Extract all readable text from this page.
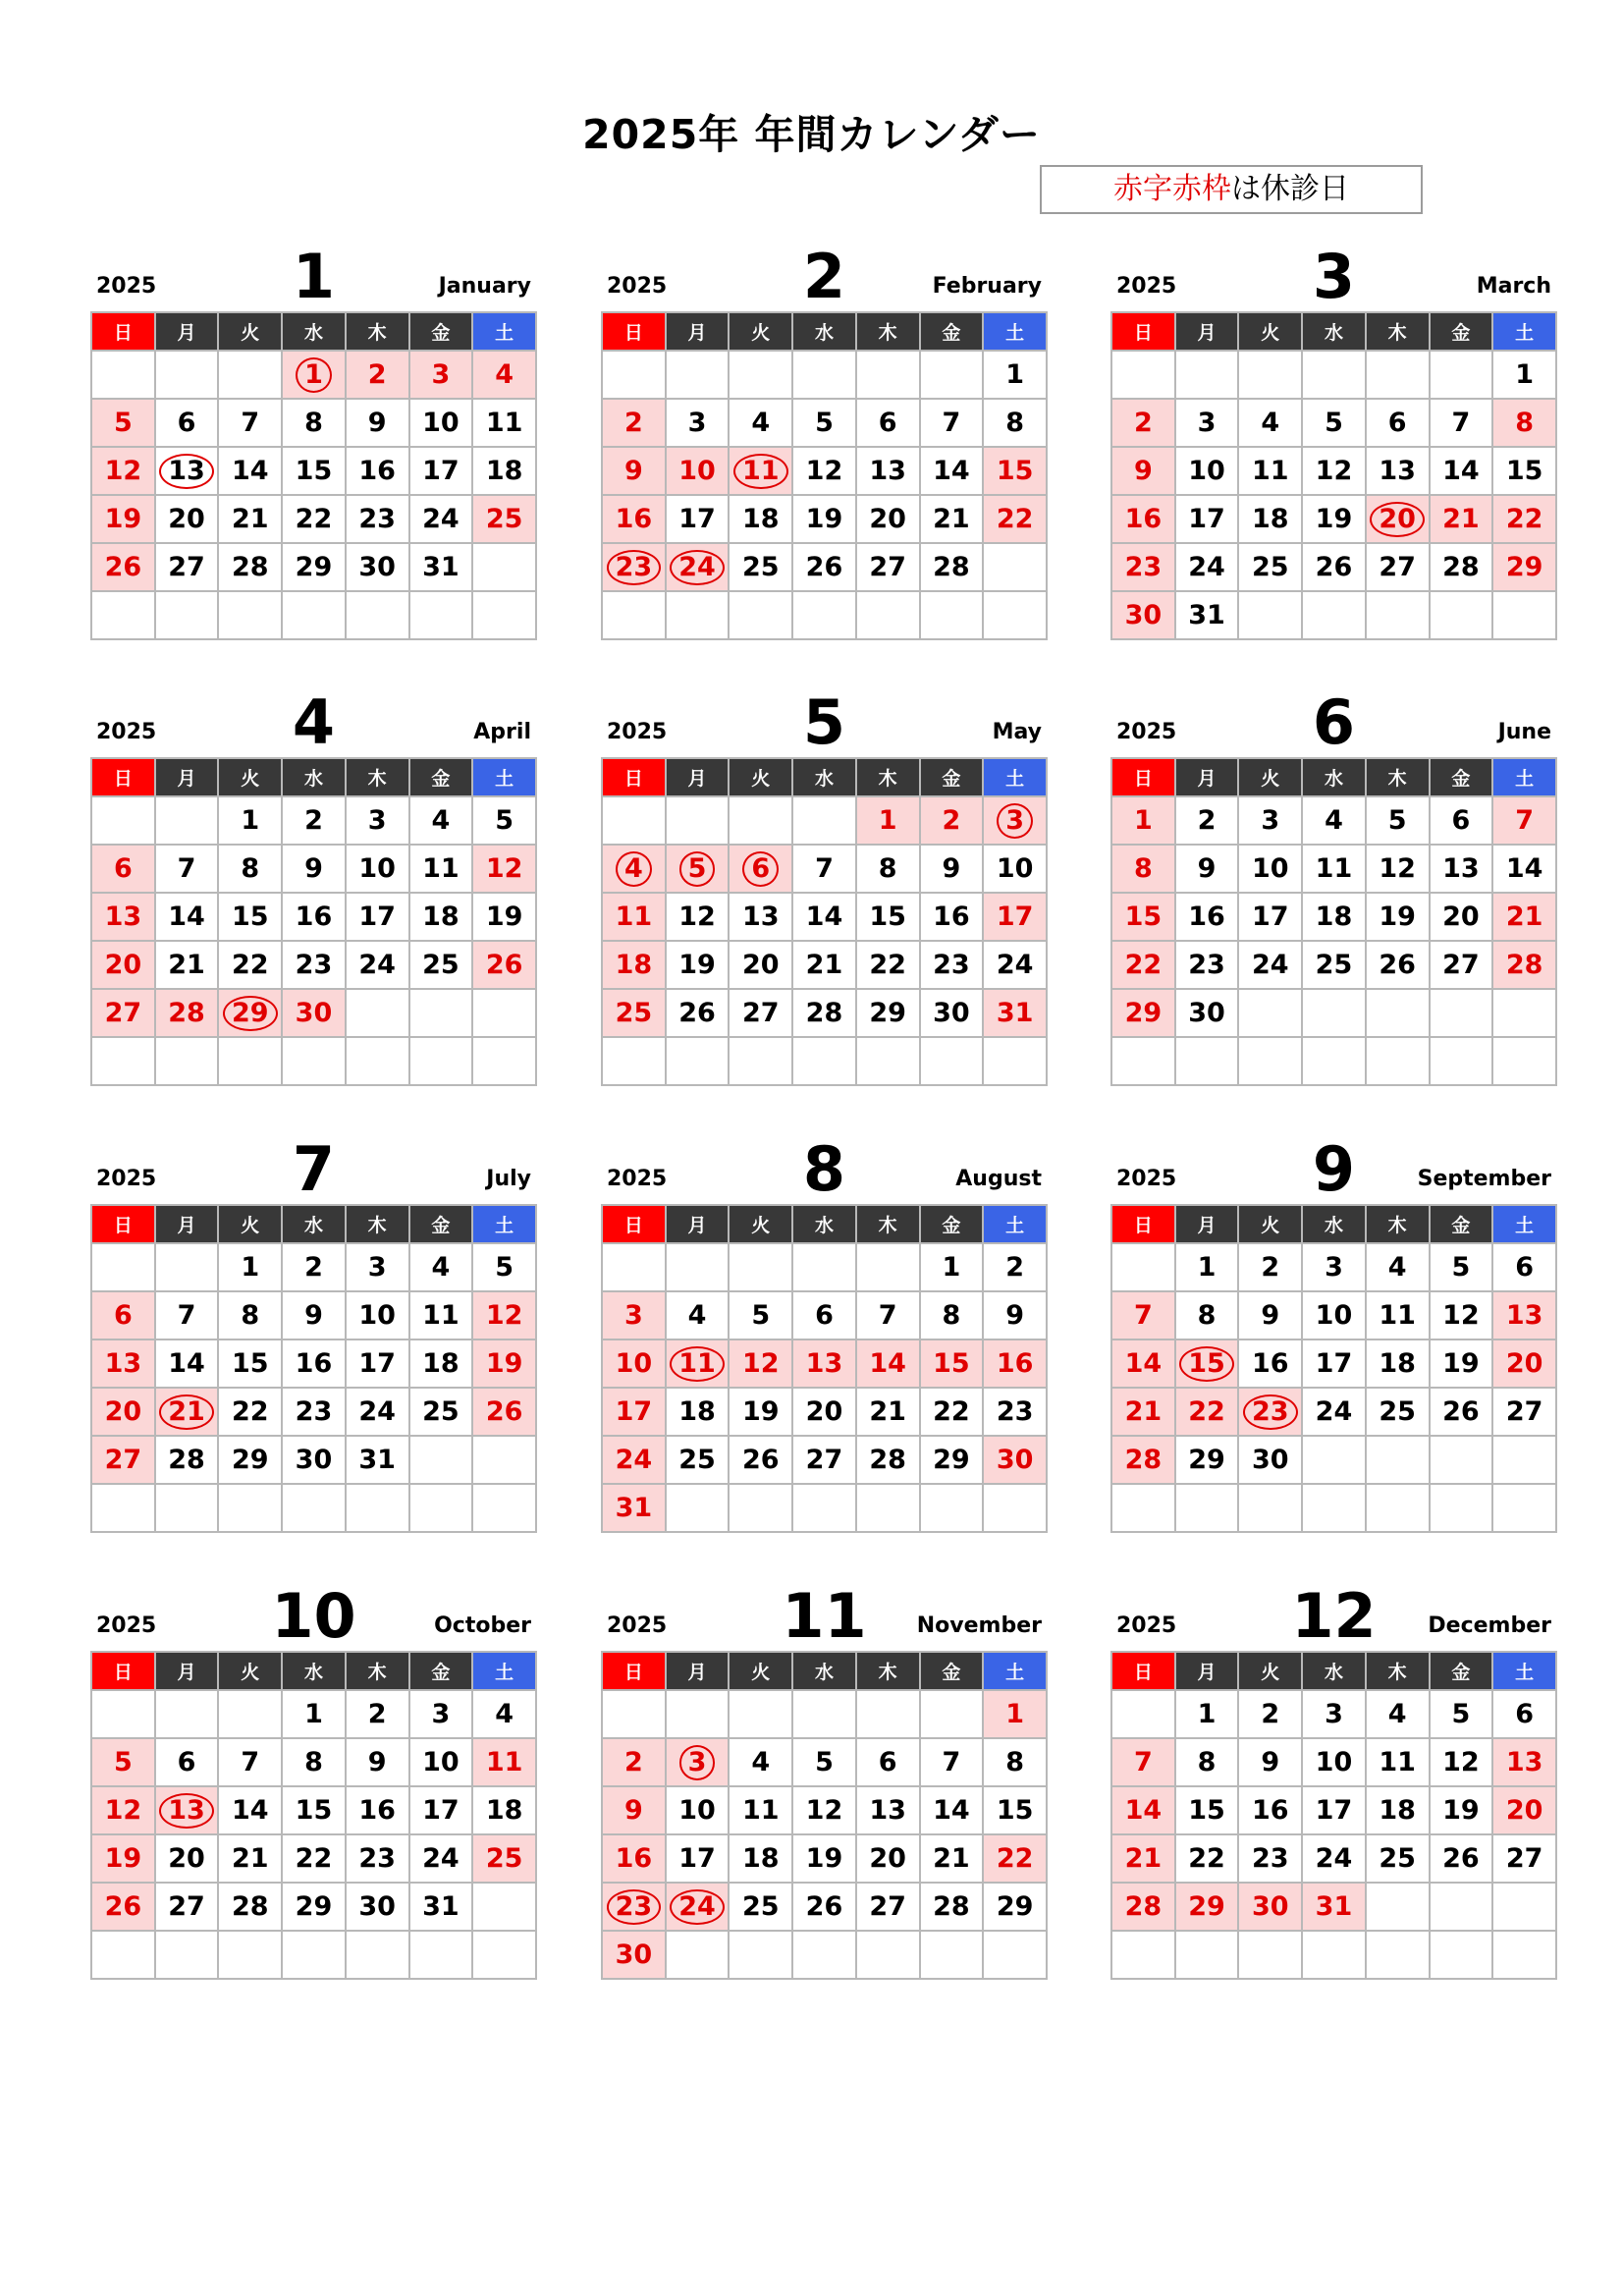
2025年 年間カレンダー
赤字赤枠は休診日
2025	1	January
日	月	火	水	木	金	土
			1	2	3	4
5	6	7	8	9	10	11
12	13	14	15	16	17	18
19	20	21	22	23	24	25
26	27	28	29	30	31	

2025	2	February
日	月	火	水	木	金	土
						1
2	3	4	5	6	7	8
9	10	11	12	13	14	15
16	17	18	19	20	21	22
23	24	25	26	27	28	

2025	3	March
日	月	火	水	木	金	土
						1
2	3	4	5	6	7	8
9	10	11	12	13	14	15
16	17	18	19	20	21	22
23	24	25	26	27	28	29
30	31					
2025	4	April
日	月	火	水	木	金	土
		1	2	3	4	5
6	7	8	9	10	11	12
13	14	15	16	17	18	19
20	21	22	23	24	25	26
27	28	29	30			

2025	5	May
日	月	火	水	木	金	土
				1	2	3
4	5	6	7	8	9	10
11	12	13	14	15	16	17
18	19	20	21	22	23	24
25	26	27	28	29	30	31

2025	6	June
日	月	火	水	木	金	土
1	2	3	4	5	6	7
8	9	10	11	12	13	14
15	16	17	18	19	20	21
22	23	24	25	26	27	28
29	30					

2025	7	July
日	月	火	水	木	金	土
		1	2	3	4	5
6	7	8	9	10	11	12
13	14	15	16	17	18	19
20	21	22	23	24	25	26
27	28	29	30	31		

2025	8	August
日	月	火	水	木	金	土
					1	2
3	4	5	6	7	8	9
10	11	12	13	14	15	16
17	18	19	20	21	22	23
24	25	26	27	28	29	30
31						
2025	9	September
日	月	火	水	木	金	土
	1	2	3	4	5	6
7	8	9	10	11	12	13
14	15	16	17	18	19	20
21	22	23	24	25	26	27
28	29	30				

2025	10	October
日	月	火	水	木	金	土
			1	2	3	4
5	6	7	8	9	10	11
12	13	14	15	16	17	18
19	20	21	22	23	24	25
26	27	28	29	30	31	

2025	11	November
日	月	火	水	木	金	土
						1
2	3	4	5	6	7	8
9	10	11	12	13	14	15
16	17	18	19	20	21	22
23	24	25	26	27	28	29
30						
2025	12	December
日	月	火	水	木	金	土
	1	2	3	4	5	6
7	8	9	10	11	12	13
14	15	16	17	18	19	20
21	22	23	24	25	26	27
28	29	30	31			
